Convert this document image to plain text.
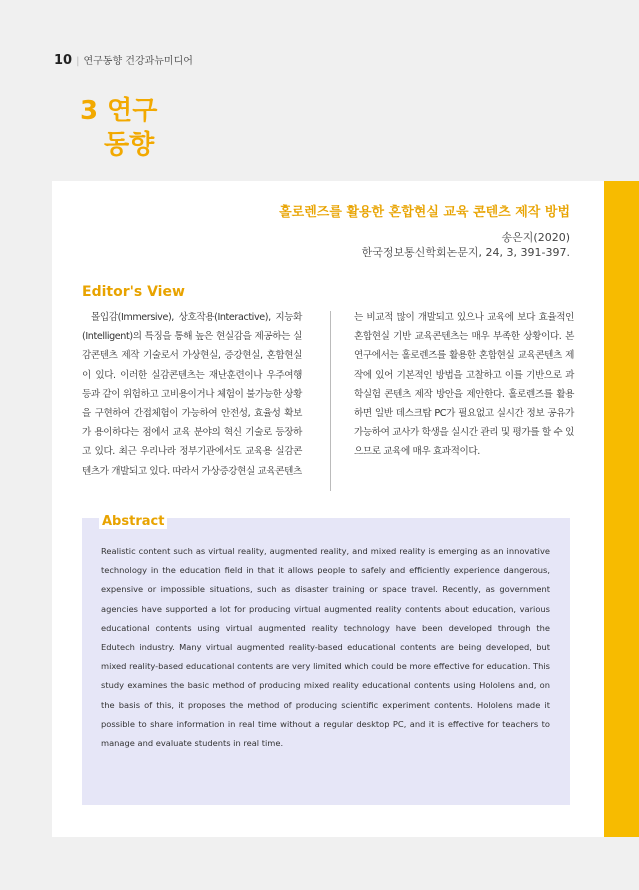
10 | 연구동향 건강과뉴미디어
3 연구
동향
홀로렌즈를 활용한 혼합현실 교육 콘텐츠 제작 방법
송은지(2020)
한국정보통신학회논문지, 24, 3, 391-397.
Editor's View
몰입감(Immersive), 상호작용(Interactive), 지능화(Intelligent)의 특징을 통해 높은 현실감을 제공하는 실감콘텐츠 제작 기술로서 가상현실, 증강현실, 혼합현실이 있다. 이러한 실감콘텐츠는 재난훈련이나 우주여행 등과 같이 위험하고 고비용이거나 체험이 불가능한 상황을 구현하여 간접체험이 가능하여 안전성, 효율성 확보가 용이하다는 점에서 교육 분야의 혁신 기술로 등장하고 있다. 최근 우리나라 정부기관에서도 교육용 실감콘텐츠가 개발되고 있다. 따라서 가상증강현실 교육콘텐츠
는 비교적 많이 개발되고 있으나 교육에 보다 효율적인 혼합현실 기반 교육콘텐츠는 매우 부족한 상황이다. 본 연구에서는 홀로렌즈를 활용한 혼합현실 교육콘텐츠 제작에 있어 기본적인 방법을 고찰하고 이를 기반으로 과학실험 콘텐츠 제작 방안을 제안한다. 홀로렌즈를 활용하면 일반 데스크탑 PC가 필요없고 실시간 정보 공유가 가능하여 교사가 학생을 실시간 관리 및 평가를 할 수 있으므로 교육에 매우 효과적이다.
Abstract
Realistic content such as virtual reality, augmented reality, and mixed reality is emerging as an innovative technology in the education field in that it allows people to safely and efficiently experience dangerous, expensive or impossible situations, such as disaster training or space travel. Recently, as government agencies have supported a lot for producing virtual augmented reality contents about education, various educational contents using virtual augmented reality technology have been developed through the Edutech industry. Many virtual augmented reality-based educational contents are being developed, but mixed reality-based educational contents are very limited which could be more effective for education. This study examines the basic method of producing mixed reality educational contents using Hololens and, on the basis of this, it proposes the method of producing scientific experiment contents. Hololens made it possible to share information in real time without a regular desktop PC, and it is effective for teachers to manage and evaluate students in real time.
